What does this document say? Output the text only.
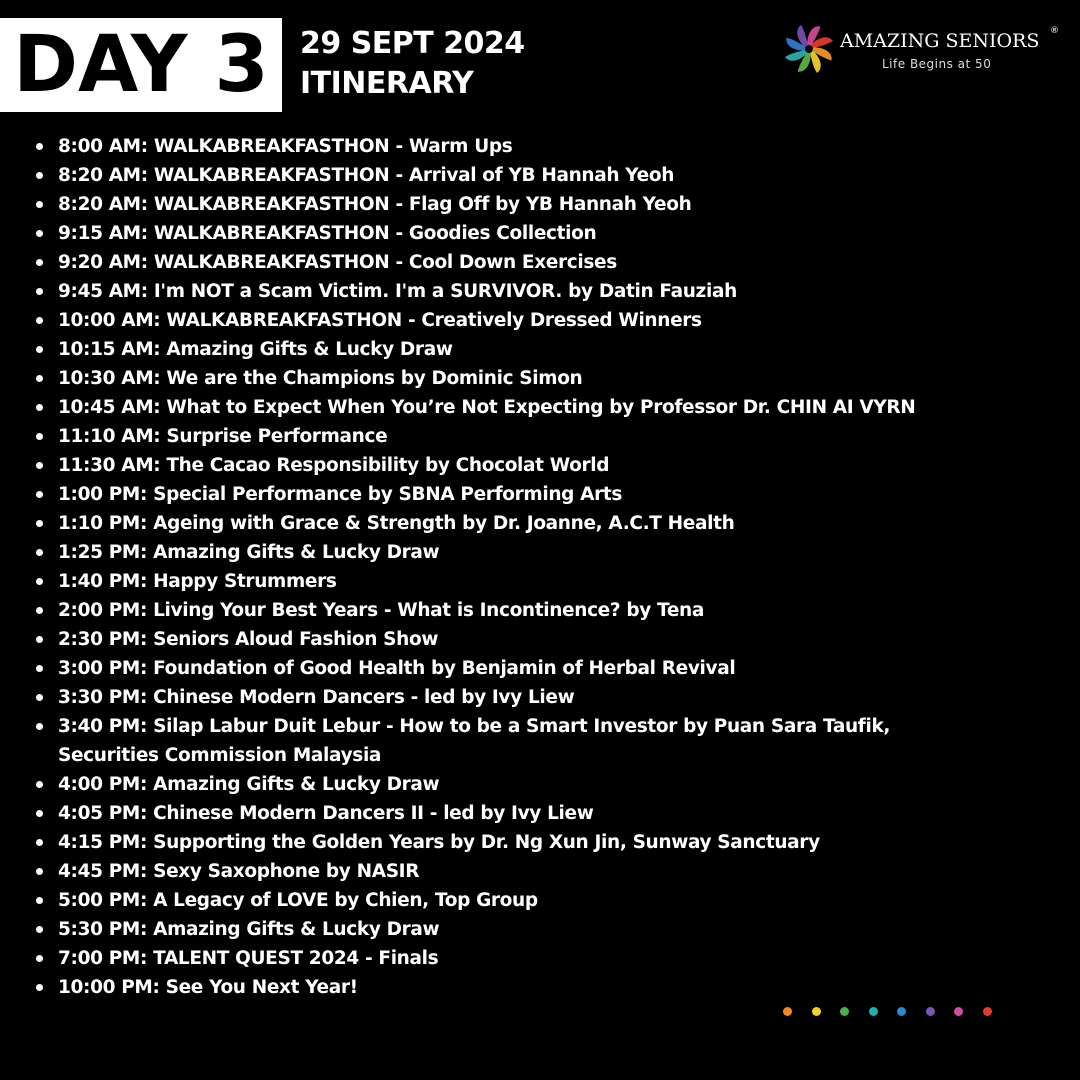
DAY 3	29 SEPT 2024
ITINERARY
AMAZING SENIORS ®
Life Begins at 50
8:00 AM: WALKABREAKFASTHON - Warm Ups
8:20 AM: WALKABREAKFASTHON - Arrival of YB Hannah Yeoh
8:20 AM: WALKABREAKFASTHON - Flag Off by YB Hannah Yeoh
9:15 AM: WALKABREAKFASTHON - Goodies Collection
9:20 AM: WALKABREAKFASTHON - Cool Down Exercises
9:45 AM: I'm NOT a Scam Victim. I'm a SURVIVOR. by Datin Fauziah
10:00 AM: WALKABREAKFASTHON - Creatively Dressed Winners
10:15 AM: Amazing Gifts & Lucky Draw
10:30 AM: We are the Champions by Dominic Simon
10:45 AM: What to Expect When You’re Not Expecting by Professor Dr. CHIN AI VYRN
11:10 AM: Surprise Performance
11:30 AM: The Cacao Responsibility by Chocolat World
1:00 PM: Special Performance by SBNA Performing Arts
1:10 PM: Ageing with Grace & Strength by Dr. Joanne, A.C.T Health
1:25 PM: Amazing Gifts & Lucky Draw
1:40 PM: Happy Strummers
2:00 PM: Living Your Best Years - What is Incontinence? by Tena
2:30 PM: Seniors Aloud Fashion Show
3:00 PM: Foundation of Good Health by Benjamin of Herbal Revival
3:30 PM: Chinese Modern Dancers - led by Ivy Liew
3:40 PM: Silap Labur Duit Lebur - How to be a Smart Investor by Puan Sara Taufik, Securities Commission Malaysia
4:00 PM: Amazing Gifts & Lucky Draw
4:05 PM: Chinese Modern Dancers II - led by Ivy Liew
4:15 PM: Supporting the Golden Years by Dr. Ng Xun Jin, Sunway Sanctuary
4:45 PM: Sexy Saxophone by NASIR
5:00 PM: A Legacy of LOVE by Chien, Top Group
5:30 PM: Amazing Gifts & Lucky Draw
7:00 PM: TALENT QUEST 2024 - Finals
10:00 PM: See You Next Year!
